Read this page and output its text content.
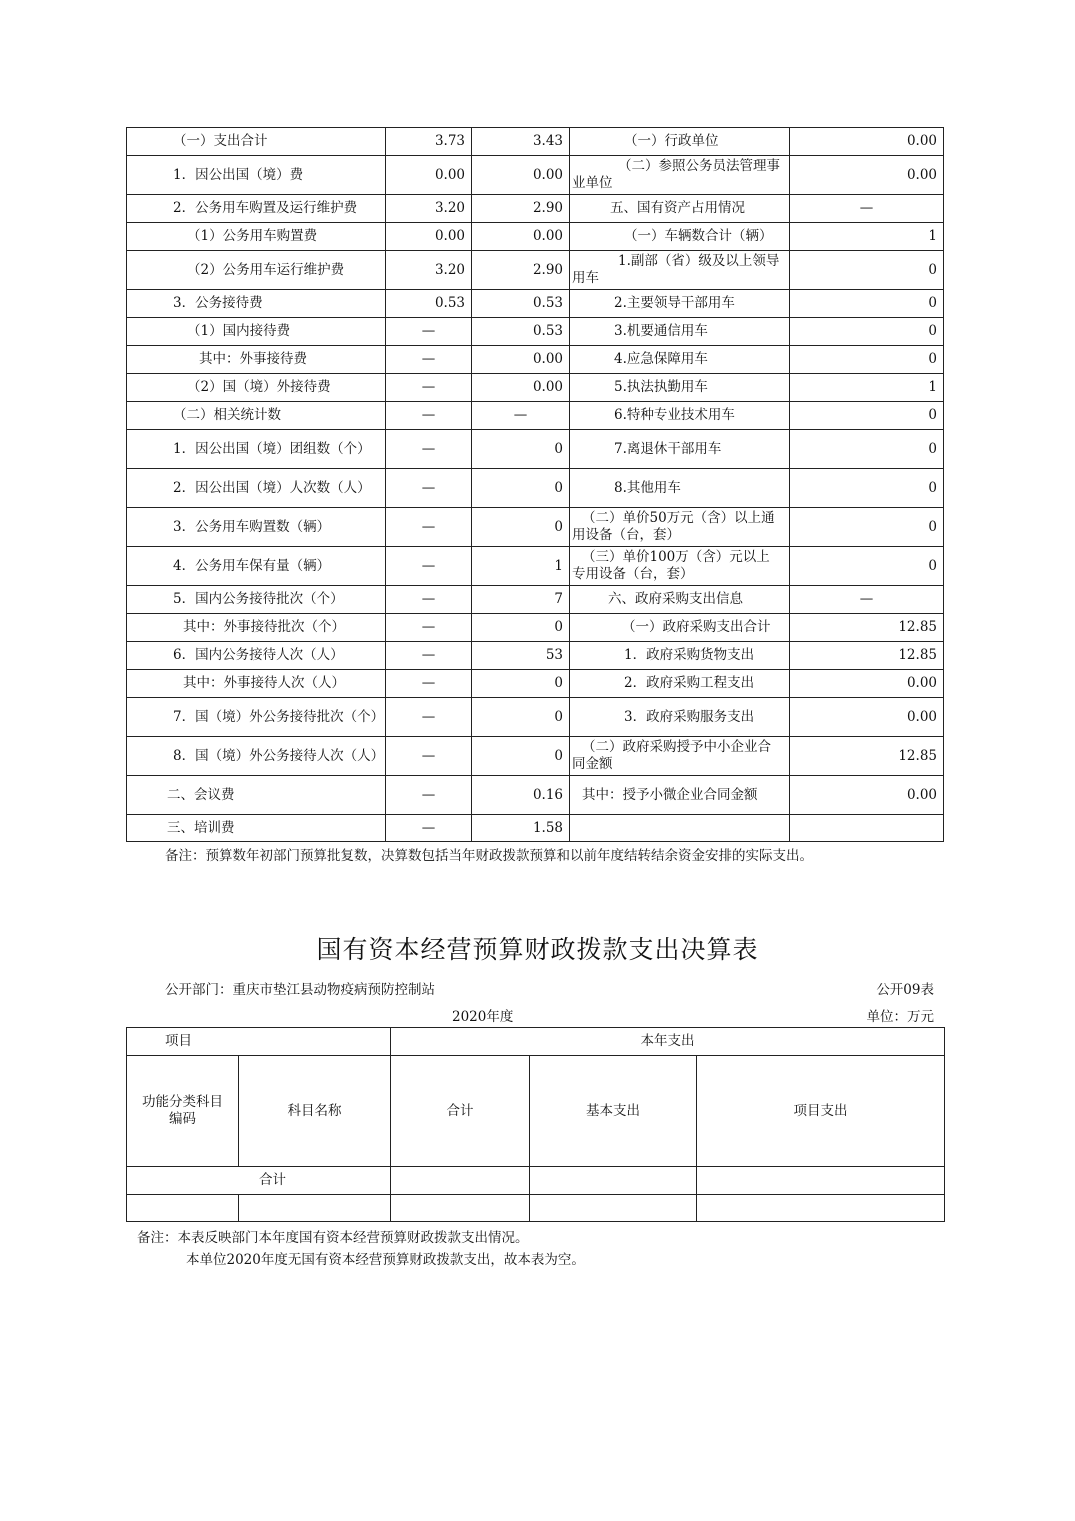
（一）支出合计	3.73	3.43	（一）行政单位	0.00
1．因公出国（境）费	0.00	0.00	（二）参照公务员法管理事业单位	0.00
2．公务用车购置及运行维护费	3.20	2.90	五、国有资产占用情况	—
（1）公务用车购置费	0.00	0.00	（一）车辆数合计（辆）	1
（2）公务用车运行维护费	3.20	2.90	1.副部（省）级及以上领导用车	0
3．公务接待费	0.53	0.53	2.主要领导干部用车	0
（1）国内接待费	—	0.53	3.机要通信用车	0
其中：外事接待费	—	0.00	4.应急保障用车	0
（2）国（境）外接待费	—	0.00	5.执法执勤用车	1
（二）相关统计数	—	—	6.特种专业技术用车	0
1．因公出国（境）团组数（个）	—	0	7.离退休干部用车	0
2．因公出国（境）人次数（人）	—	0	8.其他用车	0
3．公务用车购置数（辆）	—	0	（二）单价50万元（含）以上通用设备（台，套）	0
4．公务用车保有量（辆）	—	1	（三）单价100万（含）元以上专用设备（台，套）	0
5．国内公务接待批次（个）	—	7	六、政府采购支出信息	—
其中：外事接待批次（个）	—	0	（一）政府采购支出合计	12.85
6．国内公务接待人次（人）	—	53	1．政府采购货物支出	12.85
其中：外事接待人次（人）	—	0	2．政府采购工程支出	0.00
7．国（境）外公务接待批次（个）	—	0	3．政府采购服务支出	0.00
8．国（境）外公务接待人次（人）	—	0	（二）政府采购授予中小企业合同金额	12.85
二、会议费	—	0.16	其中：授予小微企业合同金额	0.00
三、培训费	—	1.58		
备注：预算数年初部门预算批复数，决算数包括当年财政拨款预算和以前年度结转结余资金安排的实际支出。
国有资本经营预算财政拨款支出决算表
公开部门：重庆市垫江县动物疫病预防控制站	公开09表
2020年度	单位：万元
项目		本年支出		
功能分类科目编码	科目名称	合计	基本支出	项目支出
合计				

备注：本表反映部门本年度国有资本经营预算财政拨款支出情况。
本单位2020年度无国有资本经营预算财政拨款支出，故本表为空。
